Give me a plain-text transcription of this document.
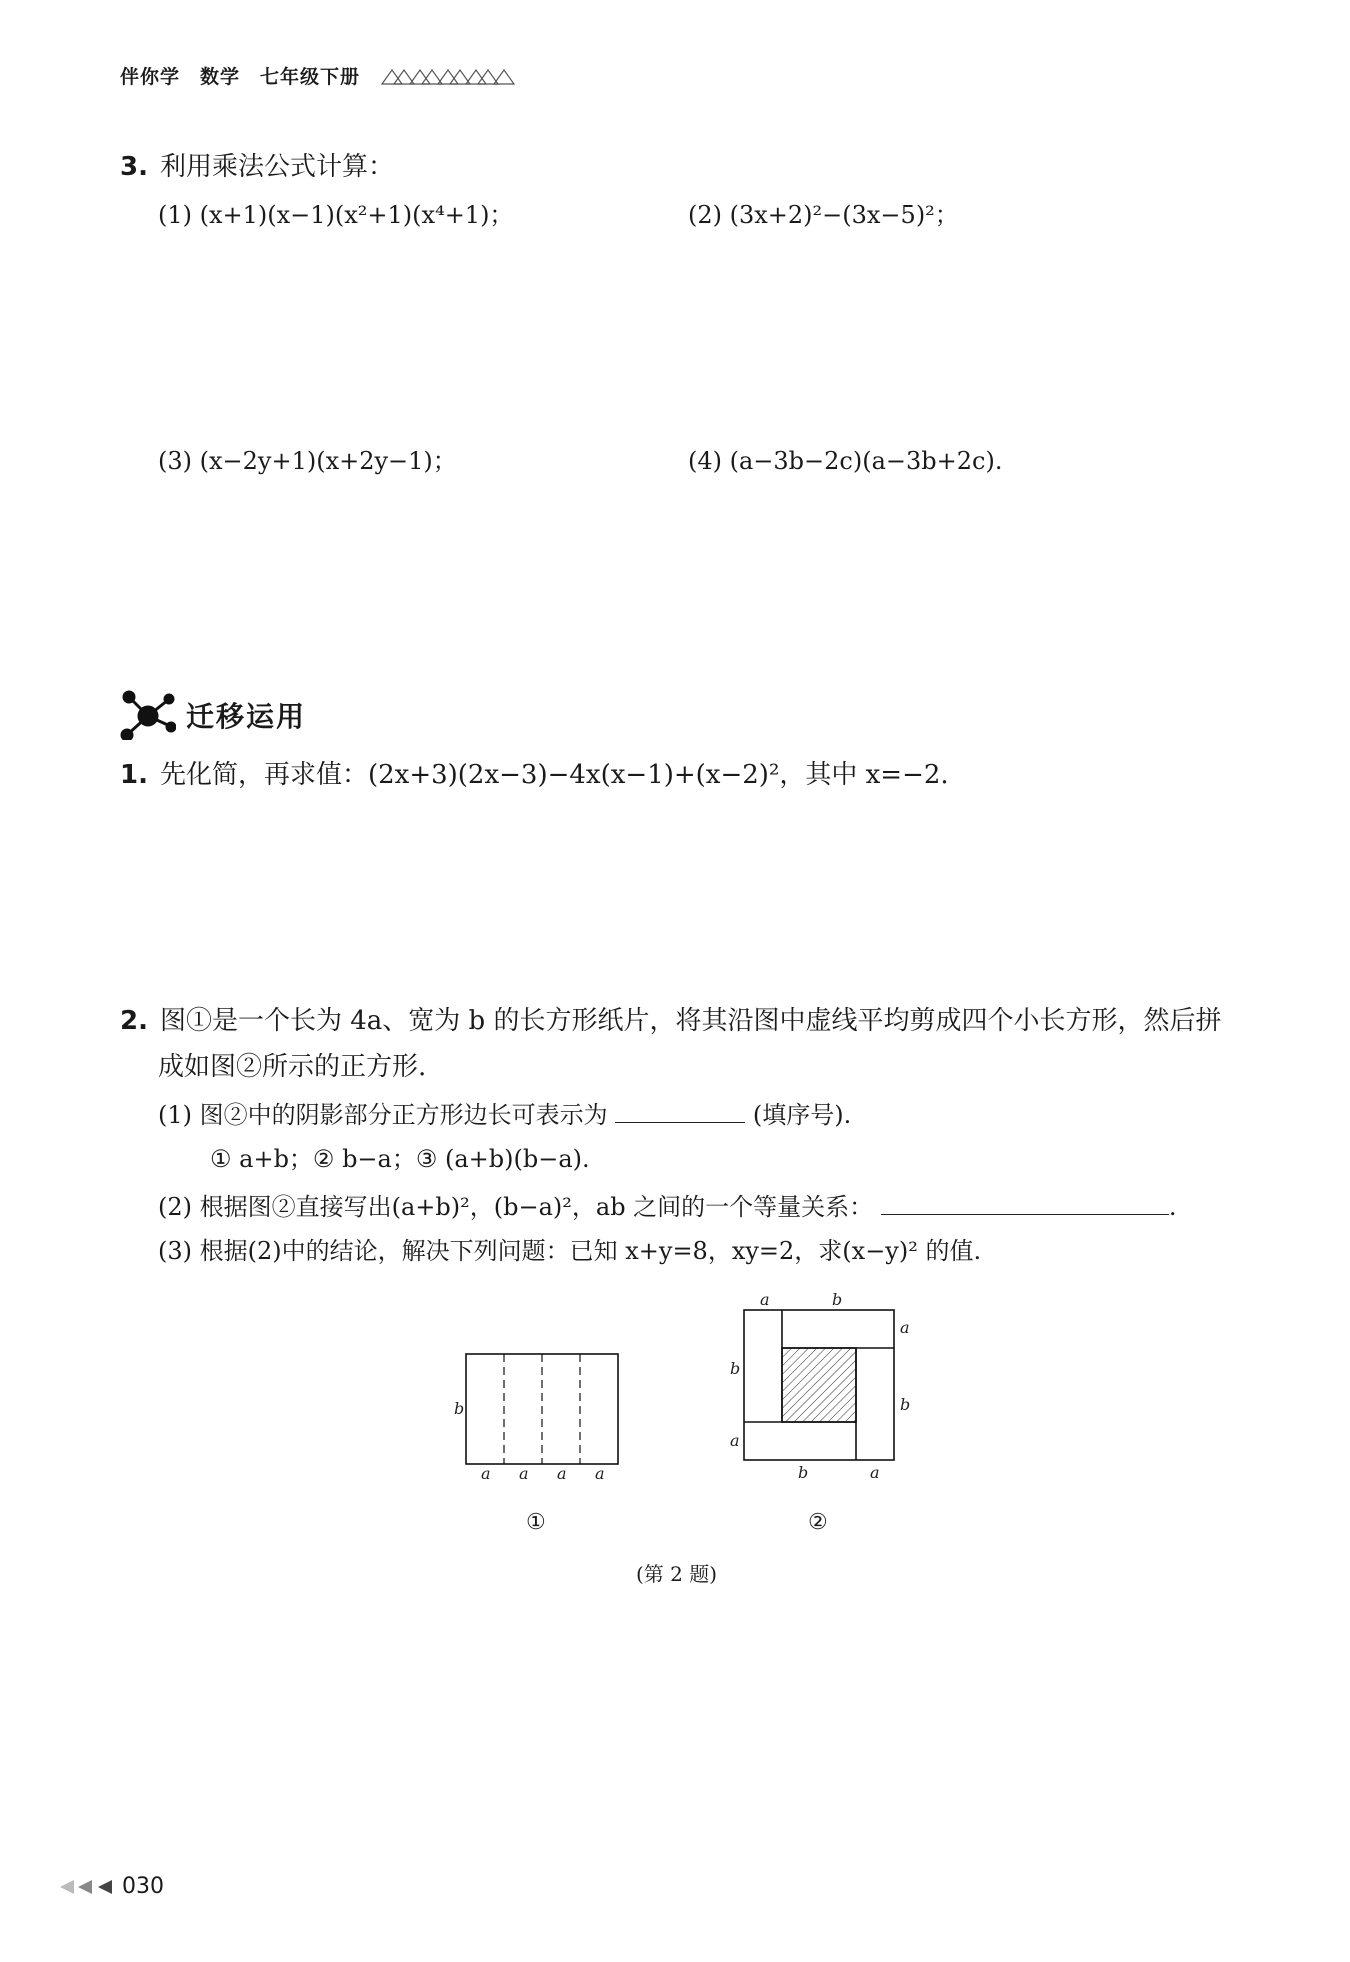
伴你学 数学 七年级下册
3. 利用乘法公式计算：
(1) (x+1)(x−1)(x²+1)(x⁴+1)；	(2) (3x+2)²−(3x−5)²；
(3) (x−2y+1)(x+2y−1)；	(4) (a−3b−2c)(a−3b+2c).
迁移运用
1. 先化简，再求值：(2x+3)(2x−3)−4x(x−1)+(x−2)²，其中 x=−2.
2. 图①是一个长为 4a、宽为 b 的长方形纸片，将其沿图中虚线平均剪成四个小长方形，然后拼
成如图②所示的正方形.
(1) 图②中的阴影部分正方形边长可表示为	(填序号).
① a+b；② b−a；③ (a+b)(b−a).
(2) 根据图②直接写出(a+b)²，(b−a)²，ab 之间的一个等量关系：	.
(3) 根据(2)中的结论，解决下列问题：已知 x+y=8，xy=2，求(x−y)² 的值.
b
a a a a
a	b
a
b
b
a
b	a
①	②
(第 2 题)
030
